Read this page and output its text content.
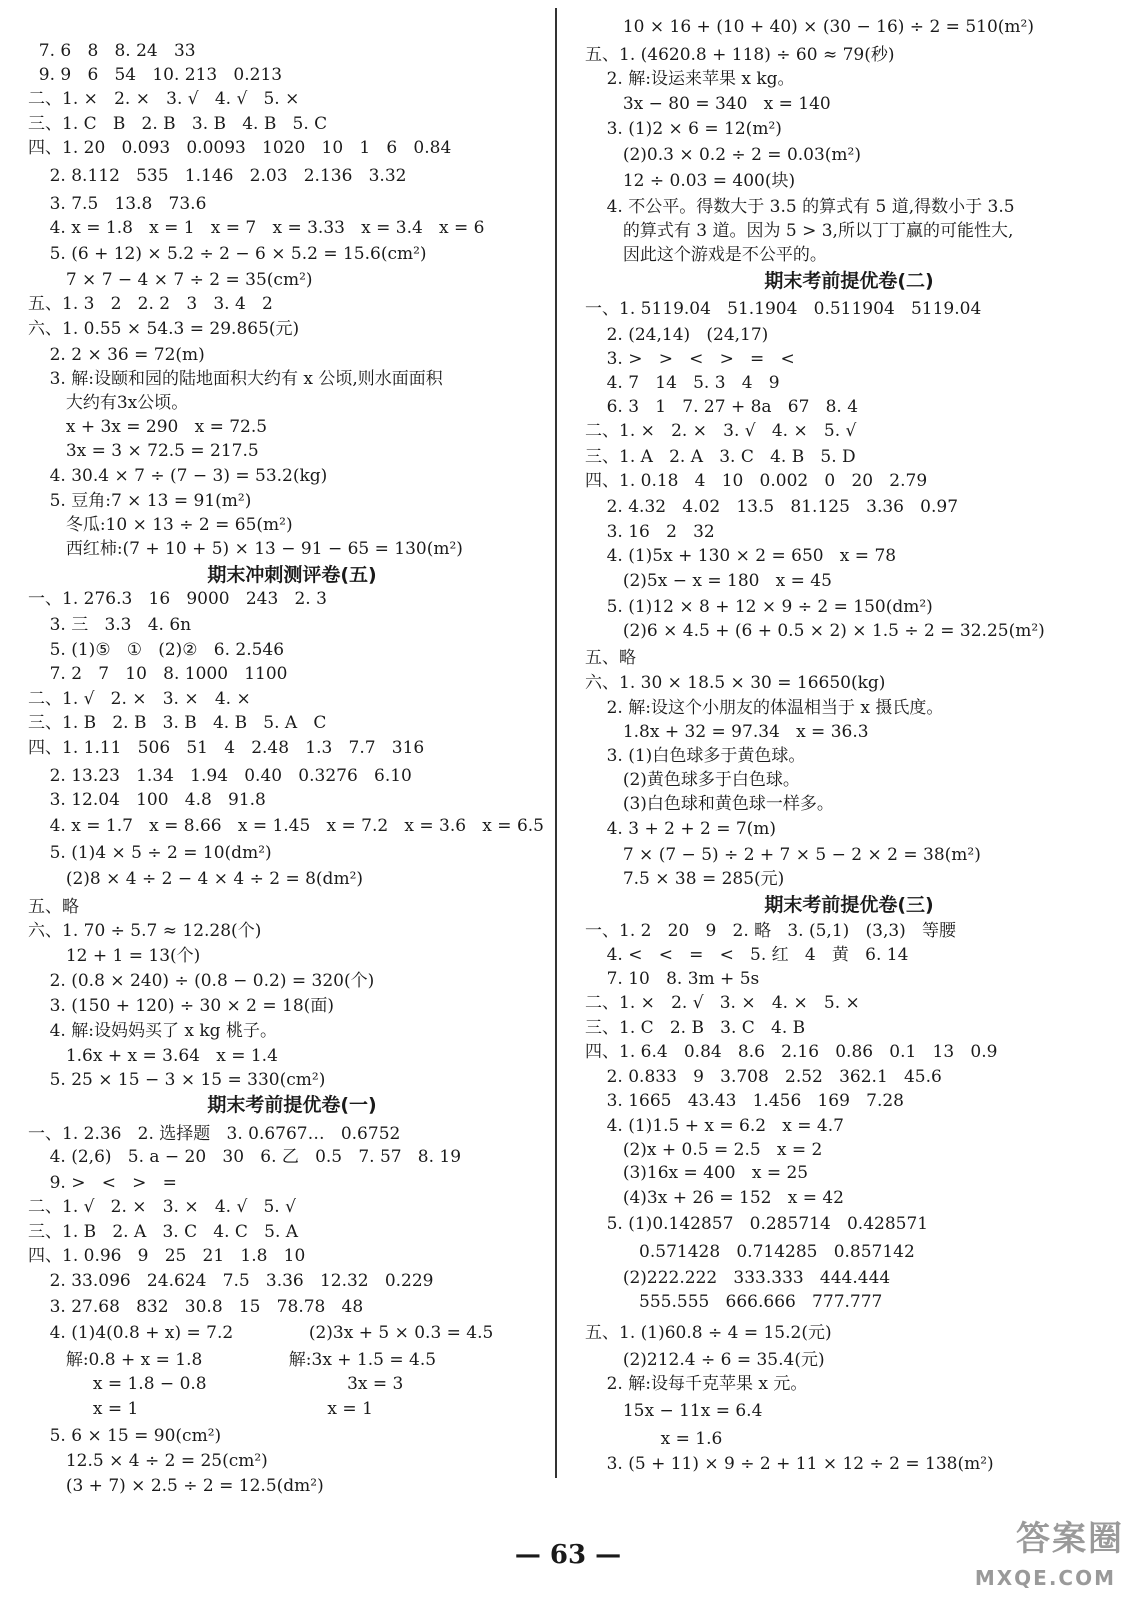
7. 6   8   8. 24   33
9. 9   6   54   10. 213   0.213
二、1. ×   2. ×   3. √   4. √   5. ×
三、1. C   B   2. B   3. B   4. B   5. C
四、1. 20   0.093   0.0093   1020   10   1   6   0.84
2. 8.112   535   1.146   2.03   2.136   3.32
3. 7.5   13.8   73.6
4. x = 1.8   x = 1   x = 7   x = 3.33   x = 3.4   x = 6
5. (6 + 12) × 5.2 ÷ 2 − 6 × 5.2 = 15.6(cm²)
7 × 7 − 4 × 7 ÷ 2 = 35(cm²)
五、1. 3   2   2. 2   3   3. 4   2
六、1. 0.55 × 54.3 = 29.865(元)
2. 2 × 36 = 72(m)
3. 解:设颐和园的陆地面积大约有 x 公顷,则水面面积
大约有3x公顷。
x + 3x = 290   x = 72.5
3x = 3 × 72.5 = 217.5
4. 30.4 × 7 ÷ (7 − 3) = 53.2(kg)
5. 豆角:7 × 13 = 91(m²)
冬瓜:10 × 13 ÷ 2 = 65(m²)
西红柿:(7 + 10 + 5) × 13 − 91 − 65 = 130(m²)
期末冲刺测评卷(五)
一、1. 276.3   16   9000   243   2. 3
3. 三   3.3   4. 6n
5. (1)⑤   ①   (2)②   6. 2.546
7. 2   7   10   8. 1000   1100
二、1. √   2. ×   3. ×   4. ×
三、1. B   2. B   3. B   4. B   5. A   C
四、1. 1.11   506   51   4   2.48   1.3   7.7   316
2. 13.23   1.34   1.94   0.40   0.3276   6.10
3. 12.04   100   4.8   91.8
4. x = 1.7   x = 8.66   x = 1.45   x = 7.2   x = 3.6   x = 6.5
5. (1)4 × 5 ÷ 2 = 10(dm²)
(2)8 × 4 ÷ 2 − 4 × 4 ÷ 2 = 8(dm²)
五、略
六、1. 70 ÷ 5.7 ≈ 12.28(个)
12 + 1 = 13(个)
2. (0.8 × 240) ÷ (0.8 − 0.2) = 320(个)
3. (150 + 120) ÷ 30 × 2 = 18(面)
4. 解:设妈妈买了 x kg 桃子。
1.6x + x = 3.64   x = 1.4
5. 25 × 15 − 3 × 15 = 330(cm²)
期末考前提优卷(一)
一、1. 2.36   2. 选择题   3. 0.6767…   0.6752
4. (2,6)   5. a − 20   30   6. 乙   0.5   7. 57   8. 19
9. >   <   >   =
二、1. √   2. ×   3. ×   4. √   5. √
三、1. B   2. A   3. C   4. C   5. A
四、1. 0.96   9   25   21   1.8   10
2. 33.096   24.624   7.5   3.36   12.32   0.229
3. 27.68   832   30.8   15   78.78   48
4. (1)4(0.8 + x) = 7.2              (2)3x + 5 × 0.3 = 4.5
解:0.8 + x = 1.8                解:3x + 1.5 = 4.5
x = 1.8 − 0.8                          3x = 3
x = 1                                   x = 1
5. 6 × 15 = 90(cm²)
12.5 × 4 ÷ 2 = 25(cm²)
(3 + 7) × 2.5 ÷ 2 = 12.5(dm²)
10 × 16 + (10 + 40) × (30 − 16) ÷ 2 = 510(m²)
五、1. (4620.8 + 118) ÷ 60 ≈ 79(秒)
2. 解:设运来苹果 x kg。
3x − 80 = 340   x = 140
3. (1)2 × 6 = 12(m²)
(2)0.3 × 0.2 ÷ 2 = 0.03(m²)
12 ÷ 0.03 = 400(块)
4. 不公平。得数大于 3.5 的算式有 5 道,得数小于 3.5
的算式有 3 道。因为 5 > 3,所以丁丁赢的可能性大,
因此这个游戏是不公平的。
期末考前提优卷(二)
一、1. 5119.04   51.1904   0.511904   5119.04
2. (24,14)   (24,17)
3. >   >   <   >   =   <
4. 7   14   5. 3   4   9
6. 3   1   7. 27 + 8a   67   8. 4
二、1. ×   2. ×   3. √   4. ×   5. √
三、1. A   2. A   3. C   4. B   5. D
四、1. 0.18   4   10   0.002   0   20   2.79
2. 4.32   4.02   13.5   81.125   3.36   0.97
3. 16   2   32
4. (1)5x + 130 × 2 = 650   x = 78
(2)5x − x = 180   x = 45
5. (1)12 × 8 + 12 × 9 ÷ 2 = 150(dm²)
(2)6 × 4.5 + (6 + 0.5 × 2) × 1.5 ÷ 2 = 32.25(m²)
五、略
六、1. 30 × 18.5 × 30 = 16650(kg)
2. 解:设这个小朋友的体温相当于 x 摄氏度。
1.8x + 32 = 97.34   x = 36.3
3. (1)白色球多于黄色球。
(2)黄色球多于白色球。
(3)白色球和黄色球一样多。
4. 3 + 2 + 2 = 7(m)
7 × (7 − 5) ÷ 2 + 7 × 5 − 2 × 2 = 38(m²)
7.5 × 38 = 285(元)
期末考前提优卷(三)
一、1. 2   20   9   2. 略   3. (5,1)   (3,3)   等腰
4. <   <   =   <   5. 红   4   黄   6. 14
7. 10   8. 3m + 5s
二、1. ×   2. √   3. ×   4. ×   5. ×
三、1. C   2. B   3. C   4. B
四、1. 6.4   0.84   8.6   2.16   0.86   0.1   13   0.9
2. 0.833   9   3.708   2.52   362.1   45.6
3. 1665   43.43   1.456   169   7.28
4. (1)1.5 + x = 6.2   x = 4.7
(2)x + 0.5 = 2.5   x = 2
(3)16x = 400   x = 25
(4)3x + 26 = 152   x = 42
5. (1)0.142857   0.285714   0.428571
0.571428   0.714285   0.857142
(2)222.222   333.333   444.444
555.555   666.666   777.777
五、1. (1)60.8 ÷ 4 = 15.2(元)
(2)212.4 ÷ 6 = 35.4(元)
2. 解:设每千克苹果 x 元。
15x − 11x = 6.4
x = 1.6
3. (5 + 11) × 9 ÷ 2 + 11 × 12 ÷ 2 = 138(m²)
— 63 —	答案圈
MXQE.COM
